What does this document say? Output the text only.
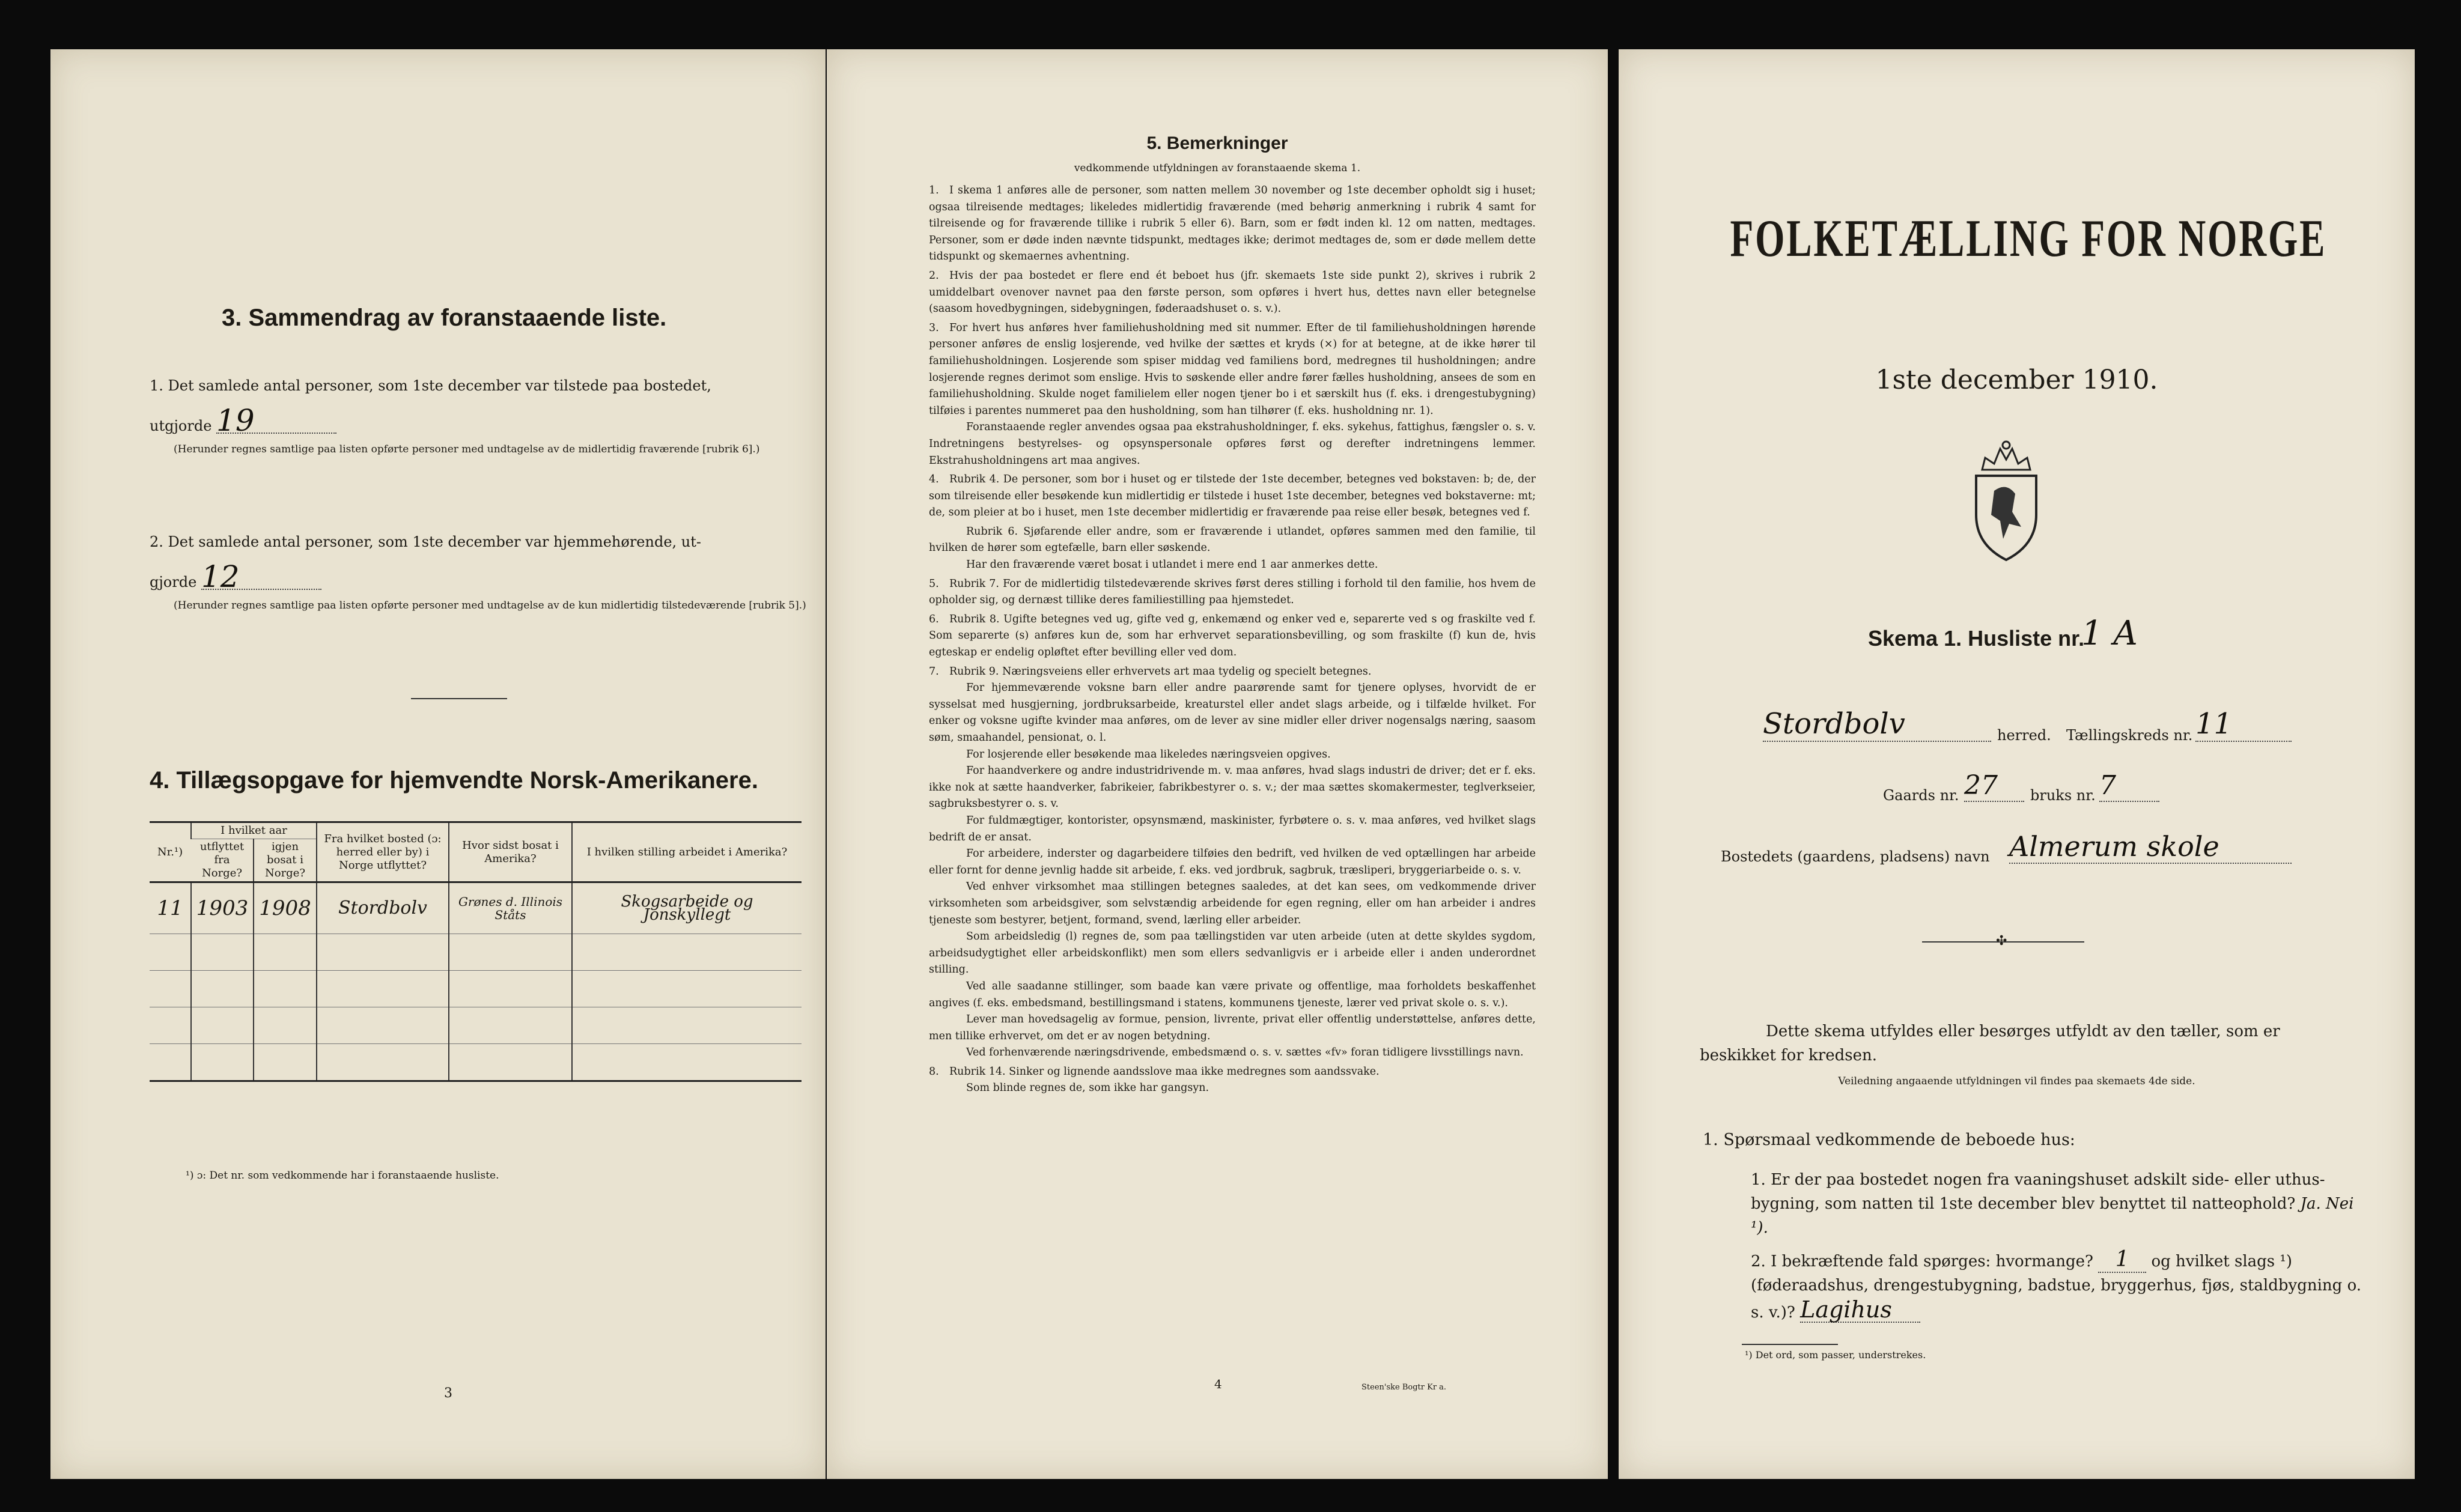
3. Sammendrag av foranstaaende liste.
1. Det samlede antal personer, som 1ste december var tilstede paa bostedet,
utgjorde 19
(Herunder regnes samtlige paa listen opførte personer med undtagelse av de midlertidig fraværende [rubrik 6].)
2. Det samlede antal personer, som 1ste december var hjemmehørende, ut-
gjorde 12
(Herunder regnes samtlige paa listen opførte personer med undtagelse av de kun midlertidig tilstedeværende [rubrik 5].)
4. Tillægsopgave for hjemvendte Norsk-Amerikanere.
Nr.¹)	I hvilket aar		Fra hvilket bosted (ɔ: herred eller by) i Norge utflyttet?	Hvor sidst bosat i Amerika?	I hvilken stilling arbeidet i Amerika?
	utflyttet fra Norge?	igjen bosat i Norge?			
11	1903	1908	Stordbolv	Grønes d. Illinois Ståts	Skogsarbeide og Jonskyllegt

¹) ɔ: Det nr. som vedkommende har i foranstaaende husliste.
3
5. Bemerkninger
vedkommende utfyldningen av foranstaaende skema 1.

1. I skema 1 anføres alle de personer, som natten mellem 30 november og 1ste december opholdt sig i huset; ogsaa tilreisende medtages; likeledes midlertidig fraværende (med behørig anmerkning i rubrik 4 samt for tilreisende og for fraværende tillike i rubrik 5 eller 6). Barn, som er født inden kl. 12 om natten, medtages. Personer, som er døde inden nævnte tidspunkt, medtages ikke; derimot medtages de, som er døde mellem dette tidspunkt og skemaernes avhentning.

2. Hvis der paa bostedet er flere end ét beboet hus (jfr. skemaets 1ste side punkt 2), skrives i rubrik 2 umiddelbart ovenover navnet paa den første person, som opføres i hvert hus, dettes navn eller betegnelse (saasom hovedbygningen, sidebygningen, føderaadshuset o. s. v.).

3. For hvert hus anføres hver familiehusholdning med sit nummer. Efter de til familiehusholdningen hørende personer anføres de enslig losjerende, ved hvilke der sættes et kryds (×) for at betegne, at de ikke hører til familiehusholdningen. Losjerende som spiser middag ved familiens bord, medregnes til husholdningen; andre losjerende regnes derimot som enslige. Hvis to søskende eller andre fører fælles husholdning, ansees de som en familiehusholdning. Skulde noget familielem eller nogen tjener bo i et særskilt hus (f. eks. i drengestubygning) tilføies i parentes nummeret paa den husholdning, som han tilhører (f. eks. husholdning nr. 1).

Foranstaaende regler anvendes ogsaa paa ekstrahusholdninger, f. eks. sykehus, fattighus, fængsler o. s. v. Indretningens bestyrelses- og opsynspersonale opføres først og derefter indretningens lemmer. Ekstrahusholdningens art maa angives.

4. Rubrik 4. De personer, som bor i huset og er tilstede der 1ste december, betegnes ved bokstaven: b; de, der som tilreisende eller besøkende kun midlertidig er tilstede i huset 1ste december, betegnes ved bokstaverne: mt; de, som pleier at bo i huset, men 1ste december midlertidig er fraværende paa reise eller besøk, betegnes ved f.

Rubrik 6. Sjøfarende eller andre, som er fraværende i utlandet, opføres sammen med den familie, til hvilken de hører som egtefælle, barn eller søskende.

Har den fraværende været bosat i utlandet i mere end 1 aar anmerkes dette.

5. Rubrik 7. For de midlertidig tilstedeværende skrives først deres stilling i forhold til den familie, hos hvem de opholder sig, og dernæst tillike deres familiestilling paa hjemstedet.

6. Rubrik 8. Ugifte betegnes ved ug, gifte ved g, enkemænd og enker ved e, separerte ved s og fraskilte ved f. Som separerte (s) anføres kun de, som har erhvervet separationsbevilling, og som fraskilte (f) kun de, hvis egteskap er endelig opløftet efter bevilling eller ved dom.

7. Rubrik 9. Næringsveiens eller erhvervets art maa tydelig og specielt betegnes.

For hjemmeværende voksne barn eller andre paarørende samt for tjenere oplyses, hvorvidt de er sysselsat med husgjerning, jordbruksarbeide, kreaturstel eller andet slags arbeide, og i tilfælde hvilket. For enker og voksne ugifte kvinder maa anføres, om de lever av sine midler eller driver nogensalgs næring, saasom søm, smaahandel, pensionat, o. l.

For losjerende eller besøkende maa likeledes næringsveien opgives.

For haandverkere og andre industridrivende m. v. maa anføres, hvad slags industri de driver; det er f. eks. ikke nok at sætte haandverker, fabrikeier, fabrikbestyrer o. s. v.; der maa sættes skomakermester, teglverkseier, sagbruksbestyrer o. s. v.

For fuldmægtiger, kontorister, opsynsmænd, maskinister, fyrbøtere o. s. v. maa anføres, ved hvilket slags bedrift de er ansat.

For arbeidere, inderster og dagarbeidere tilføies den bedrift, ved hvilken de ved optællingen har arbeide eller fornt for denne jevnlig hadde sit arbeide, f. eks. ved jordbruk, sagbruk, træsliperi, bryggeriarbeide o. s. v.

Ved enhver virksomhet maa stillingen betegnes saaledes, at det kan sees, om vedkommende driver virksomheten som arbeidsgiver, som selvstændig arbeidende for egen regning, eller om han arbeider i andres tjeneste som bestyrer, betjent, formand, svend, lærling eller arbeider.

Som arbeidsledig (l) regnes de, som paa tællingstiden var uten arbeide (uten at dette skyldes sygdom, arbeidsudygtighet eller arbeidskonflikt) men som ellers sedvanligvis er i arbeide eller i anden underordnet stilling.

Ved alle saadanne stillinger, som baade kan være private og offentlige, maa forholdets beskaffenhet angives (f. eks. embedsmand, bestillingsmand i statens, kommunens tjeneste, lærer ved privat skole o. s. v.).

Lever man hovedsagelig av formue, pension, livrente, privat eller offentlig understøttelse, anføres dette, men tillike erhvervet, om det er av nogen betydning.

Ved forhenværende næringsdrivende, embedsmænd o. s. v. sættes «fv» foran tidligere livsstillings navn.

8. Rubrik 14. Sinker og lignende aandsslove maa ikke medregnes som aandssvake.

Som blinde regnes de, som ikke har gangsyn.

4	Steen'ske Bogtr Kr a.
FOLKETÆLLING FOR NORGE
1ste december 1910.
Skema 1. Husliste nr.
1 A
Stordbolv	herred. Tællingskreds nr. 11
Gaards nr. 27	bruks nr. 7
Bostedets (gaardens, pladsens) navn Almerum skole
✣
Dette skema utfyldes eller besørges utfyldt av den tæller, som er beskikket for kredsen.
Veiledning angaaende utfyldningen vil findes paa skemaets 4de side.
1. Spørsmaal vedkommende de beboede hus:
1. Er der paa bostedet nogen fra vaaningshuset adskilt side- eller uthus-bygning, som natten til 1ste december blev benyttet til natteophold? Ja. Nei ¹).
2. I bekræftende fald spørges: hvormange? 1 og hvilket slags ¹) (føderaadshus, drengestubygning, badstue, bryggerhus, fjøs, staldbygning o. s. v.)? Lagihus
¹) Det ord, som passer, understrekes.
